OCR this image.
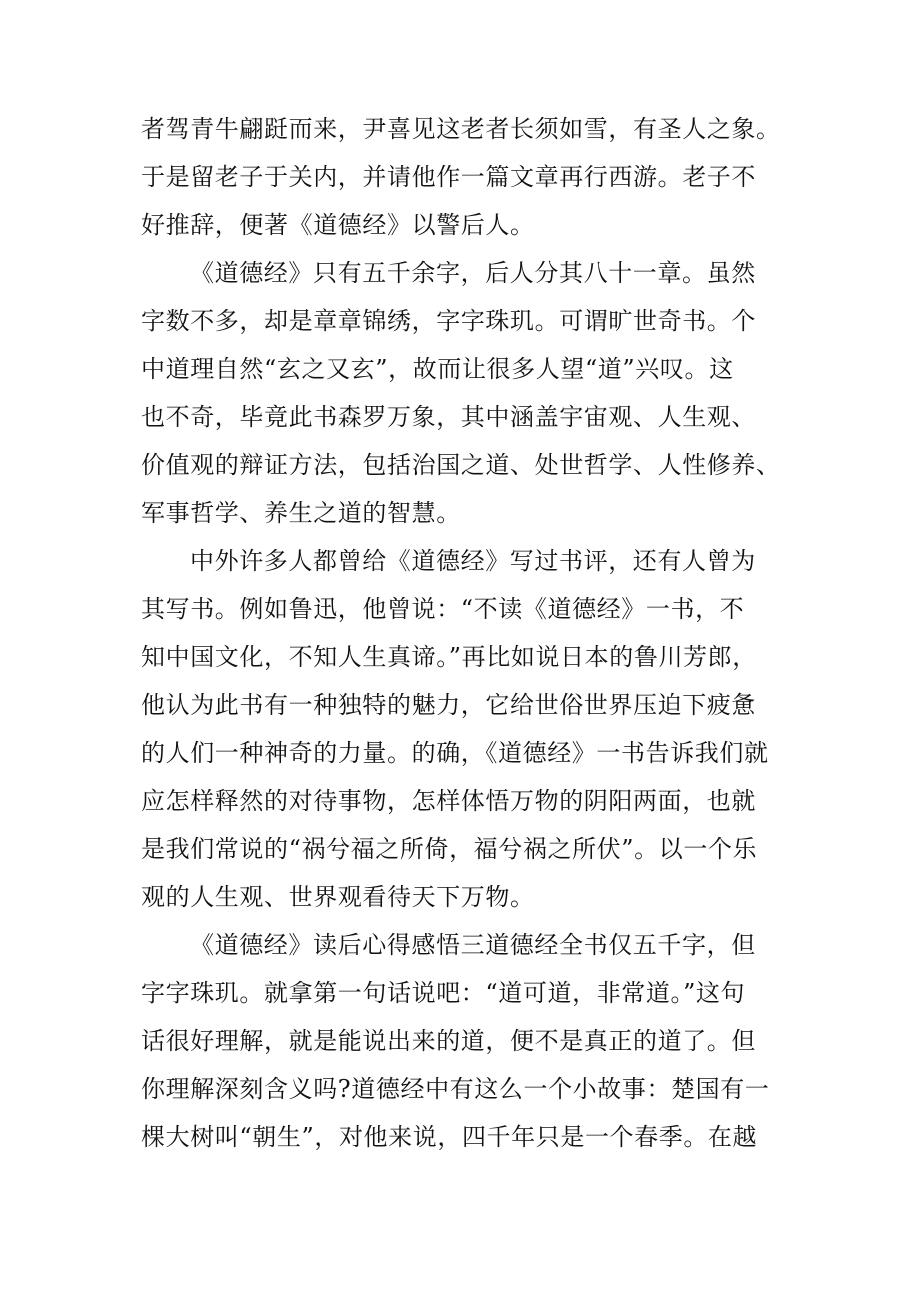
者驾青牛翩跹而来，尹喜见这老者长须如雪，有圣人之象。
于是留老子于关内，并请他作一篇文章再行西游。老子不
好推辞，便著《道德经》以警后人。
《道德经》只有五千余字，后人分其八十一章。虽然
字数不多，却是章章锦绣，字字珠玑。可谓旷世奇书。个
中道理自然“玄之又玄”，故而让很多人望“道”兴叹。这
也不奇，毕竟此书森罗万象，其中涵盖宇宙观、人生观、
价值观的辩证方法，包括治国之道、处世哲学、人性修养、
军事哲学、养生之道的智慧。
中外许多人都曾给《道德经》写过书评，还有人曾为
其写书。例如鲁迅，他曾说：“不读《道德经》一书，不
知中国文化，不知人生真谛。”再比如说日本的鲁川芳郎，
他认为此书有一种独特的魅力，它给世俗世界压迫下疲惫
的人们一种神奇的力量。的确，《道德经》一书告诉我们就
应怎样释然的对待事物，怎样体悟万物的阴阳两面，也就
是我们常说的“祸兮福之所倚，福兮祸之所伏”。以一个乐
观的人生观、世界观看待天下万物。
《道德经》读后心得感悟三道德经全书仅五千字，但
字字珠玑。就拿第一句话说吧：“道可道，非常道。”这句
话很好理解，就是能说出来的道，便不是真正的道了。但
你理解深刻含义吗?道德经中有这么一个小故事：楚国有一
棵大树叫“朝生”，对他来说，四千年只是一个春季。在越
